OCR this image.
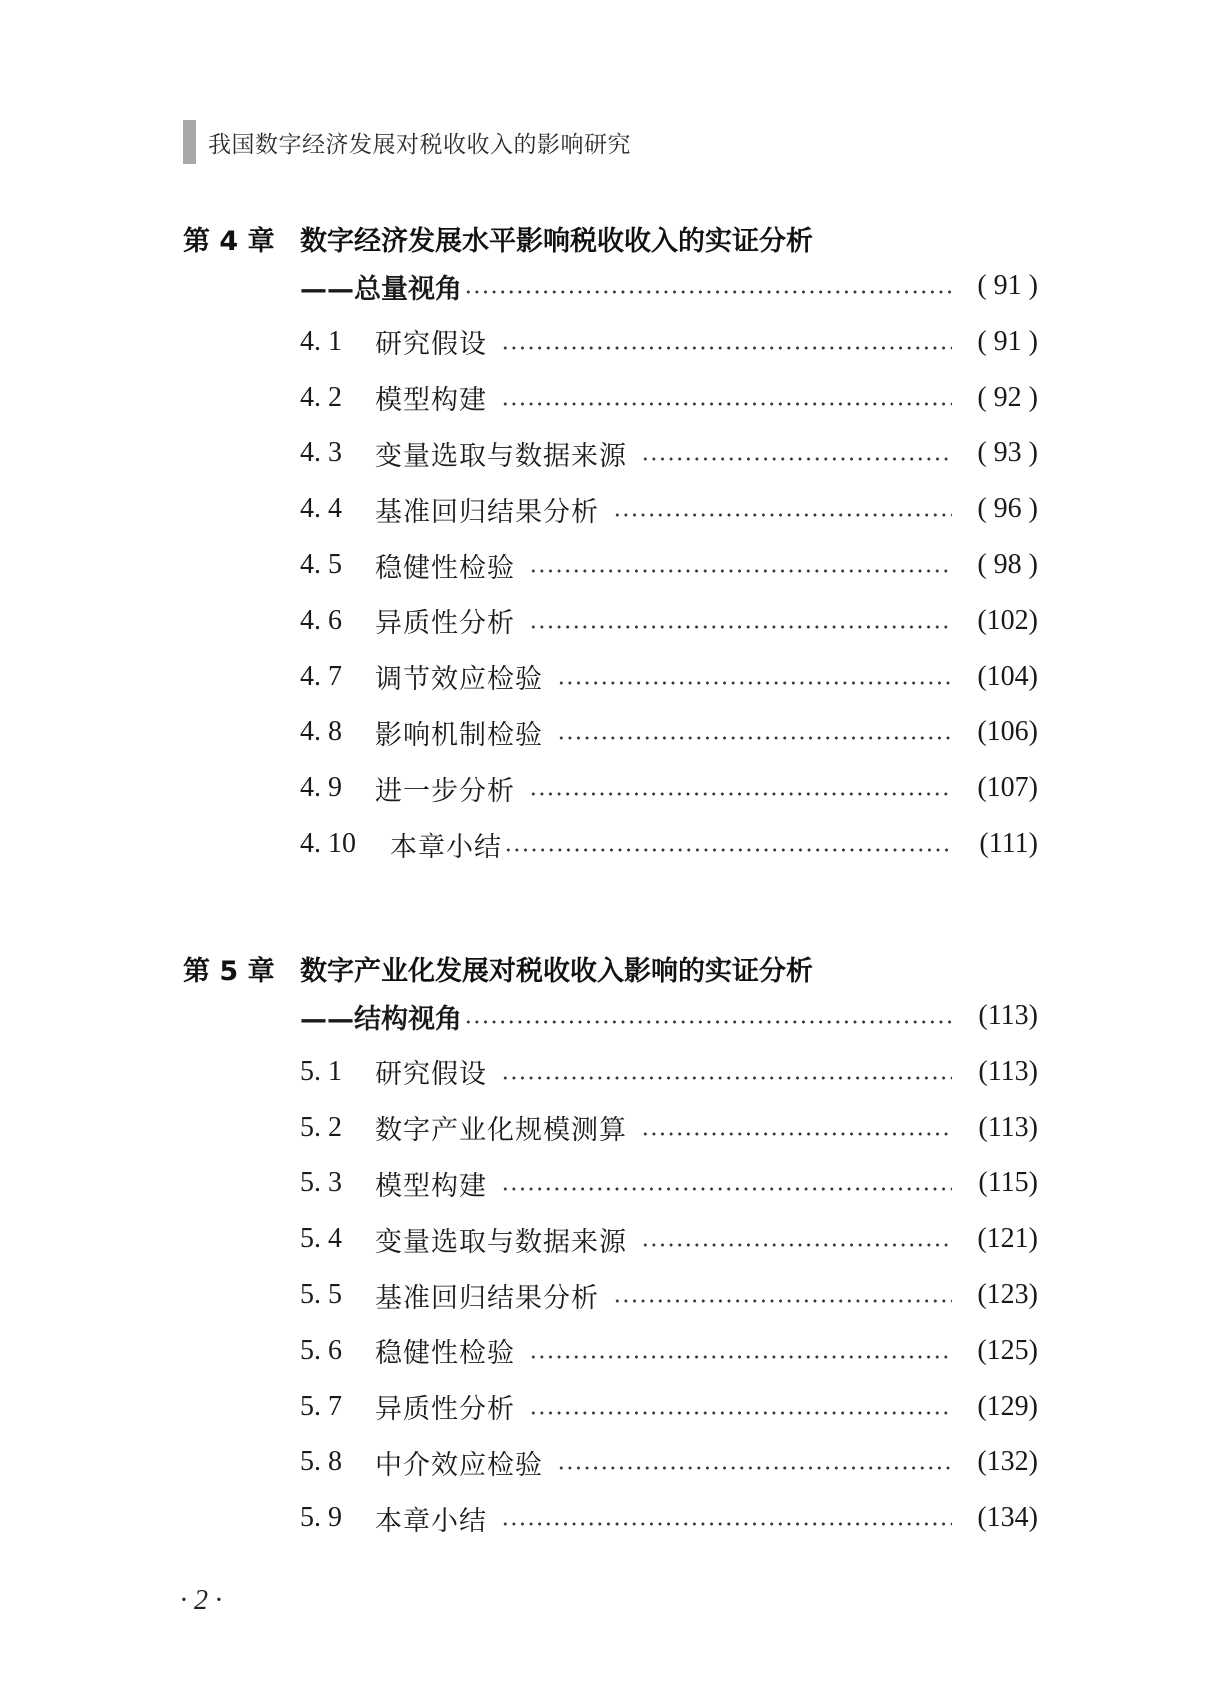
我国数字经济发展对税收收入的影响研究
第 4 章 数字经济发展水平影响税收收入的实证分析
——总量视角	( 91 )
4. 1	研究假设	( 91 )
4. 2	模型构建	( 92 )
4. 3	变量选取与数据来源	( 93 )
4. 4	基准回归结果分析	( 96 )
4. 5	稳健性检验	( 98 )
4. 6	异质性分析	(102)
4. 7	调节效应检验	(104)
4. 8	影响机制检验	(106)
4. 9	进一步分析	(107)
4. 10	本章小结	(111)
第 5 章 数字产业化发展对税收收入影响的实证分析
——结构视角	(113)
5. 1	研究假设	(113)
5. 2	数字产业化规模测算	(113)
5. 3	模型构建	(115)
5. 4	变量选取与数据来源	(121)
5. 5	基准回归结果分析	(123)
5. 6	稳健性检验	(125)
5. 7	异质性分析	(129)
5. 8	中介效应检验	(132)
5. 9	本章小结	(134)
· 2 ·
